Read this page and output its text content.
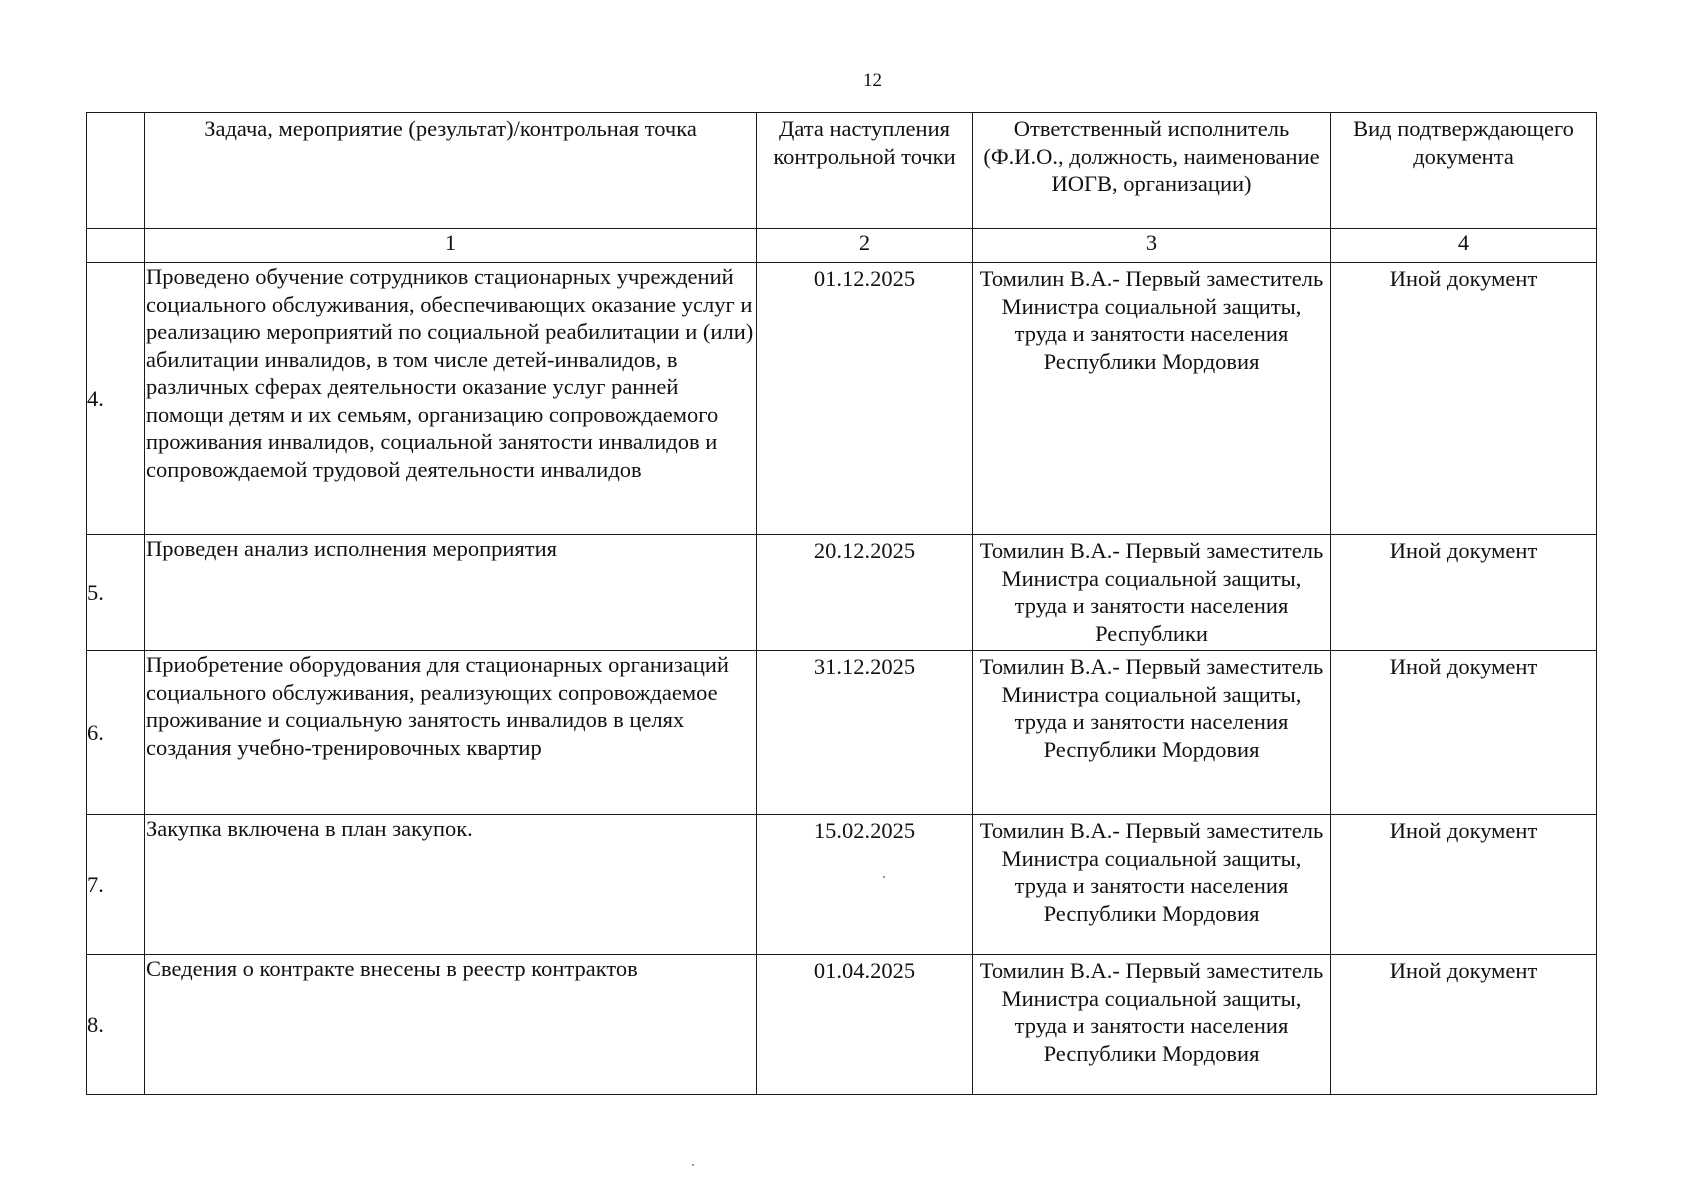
12
	Задача, мероприятие (результат)/контрольная точка	Дата наступления контрольной точки	Ответственный исполнитель (Ф.И.О., должность, наименование ИОГВ, организации)	Вид подтверждающего документа
	1	2	3	4
4.	Проведено обучение сотрудников стационарных учреждений социального обслуживания, обеспечивающих оказание услуг и реализацию мероприятий по социальной реабилитации и (или) абилитации инвалидов, в том числе детей-инвалидов, в различных сферах деятельности оказание услуг ранней помощи детям и их семьям, организацию сопровождаемого проживания инвалидов, социальной занятости инвалидов и сопровождаемой трудовой деятельности инвалидов	01.12.2025	Томилин В.А.- Первый заместитель Министра социальной защиты, труда и занятости населения Республики Мордовия	Иной документ
5.	Проведен анализ исполнения мероприятия	20.12.2025	Томилин В.А.- Первый заместитель Министра социальной защиты, труда и занятости населения Республики	Иной документ
6.	Приобретение оборудования для стационарных организаций социального обслуживания, реализующих сопровождаемое проживание и социальную занятость инвалидов в целях создания учебно-тренировочных квартир	31.12.2025	Томилин В.А.- Первый заместитель Министра социальной защиты, труда и занятости населения Республики Мордовия	Иной документ
7.	Закупка включена в план закупок.	15.02.2025	Томилин В.А.- Первый заместитель Министра социальной защиты, труда и занятости населения Республики Мордовия	Иной документ
8.	Сведения о контракте внесены в реестр контрактов	01.04.2025	Томилин В.А.- Первый заместитель Министра социальной защиты, труда и занятости населения Республики Мордовия	Иной документ
